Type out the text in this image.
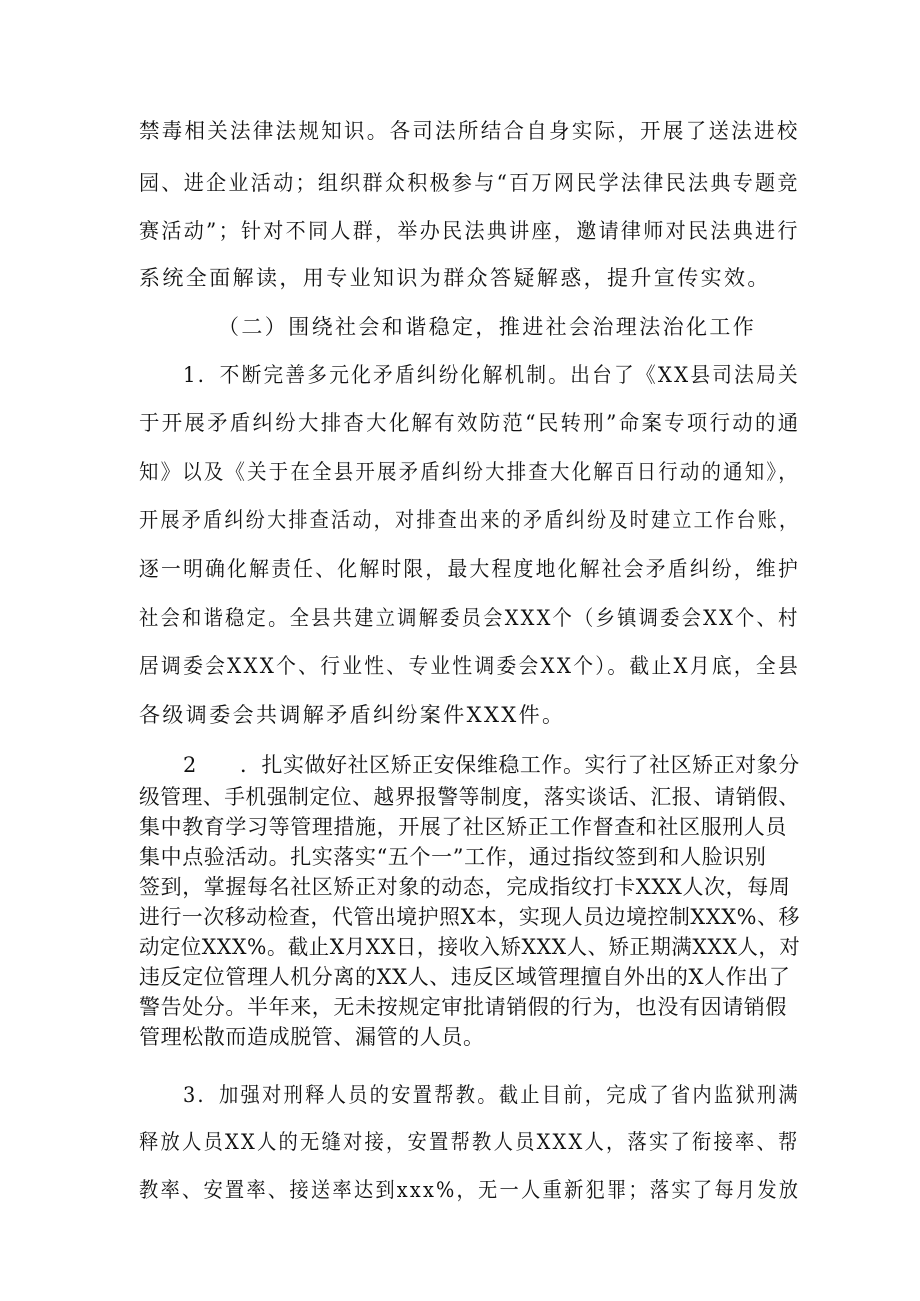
禁毒相关法律法规知识。各司法所结合自身实际，开展了送法进校
园、进企业活动；组织群众积极参与“百万网民学法律民法典专题竞
赛活动”；针对不同人群，举办民法典讲座，邀请律师对民法典进行
系统全面解读，用专业知识为群众答疑解惑，提升宣传实效。
（二）围绕社会和谐稳定，推进社会治理法治化工作
1．不断完善多元化矛盾纠纷化解机制。出台了《XX县司法局关
于开展矛盾纠纷大排杳大化解有效防范“民转刑”命案专项行动的通
知》以及《关于在全县开展矛盾纠纷大排查大化解百日行动的通知》，
开展矛盾纠纷大排查活动，对排查出来的矛盾纠纷及时建立工作台账，
逐一明确化解责任、化解时限，最大程度地化解社会矛盾纠纷，维护
社会和谐稳定。全县共建立调解委员会XXX个（乡镇调委会XX个、村
居调委会XXX个、行业性、专业性调委会XX个）。截止X月底，全县
各级调委会共调解矛盾纠纷案件XXX件。
2　　．扎实做好社区矫正安保维稳工作。实行了社区矫正对象分
级管理、手机强制定位、越界报警等制度，落实谈话、汇报、请销假、
集中教育学习等管理措施，开展了社区矫正工作督查和社区服刑人员
集中点验活动。扎实落实“五个一”工作，通过指纹签到和人脸识别
签到，掌握每名社区矫正对象的动态，完成指纹打卡XXX人次，每周
进行一次移动检查，代管出境护照X本，实现人员边境控制XXX%、移
动定位XXX%。截止X月XX日，接收入矫XXX人、矫正期满XXX人，对
违反定位管理人机分离的XX人、违反区域管理擅自外出的X人作出了
警告处分。半年来，无未按规定审批请销假的行为，也没有因请销假
管理松散而造成脱管、漏管的人员。
3．加强对刑释人员的安置帮教。截止目前，完成了省内监狱刑满
释放人员XX人的无缝对接，安置帮教人员XXX人，落实了衔接率、帮
教率、安置率、接送率达到xxx%，无一人重新犯罪；落实了每月发放
